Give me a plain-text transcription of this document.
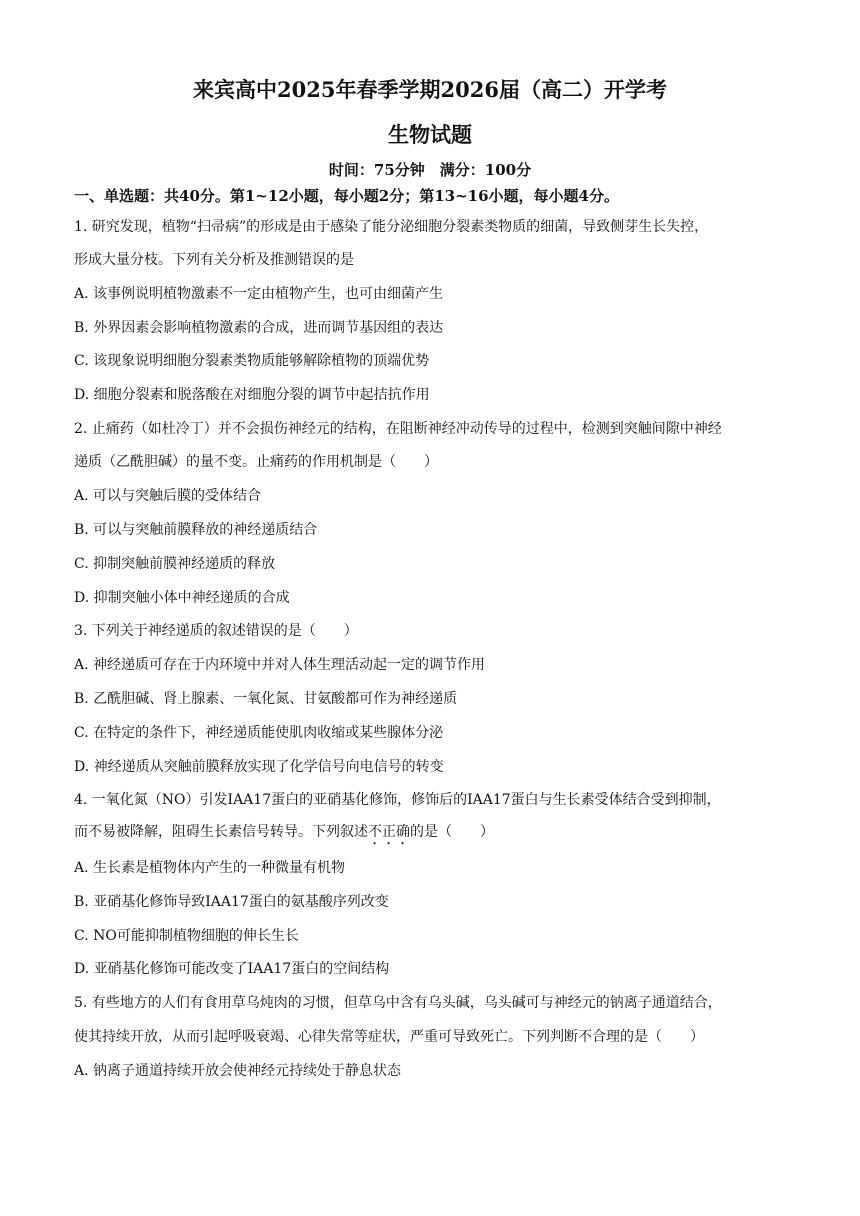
来宾高中2025年春季学期2026届（高二）开学考
生物试题
时间：75分钟　满分：100分
一、单选题：共40分。第1~12小题，每小题2分；第13~16小题，每小题4分。
1. 研究发现，植物“扫帚病”的形成是由于感染了能分泌细胞分裂素类物质的细菌，导致侧芽生长失控，
形成大量分枝。下列有关分析及推测错误的是
A. 该事例说明植物激素不一定由植物产生，也可由细菌产生
B. 外界因素会影响植物激素的合成，进而调节基因组的表达
C. 该现象说明细胞分裂素类物质能够解除植物的顶端优势
D. 细胞分裂素和脱落酸在对细胞分裂的调节中起拮抗作用
2. 止痛药（如杜冷丁）并不会损伤神经元的结构，在阻断神经冲动传导的过程中，检测到突触间隙中神经
递质（乙酰胆碱）的量不变。止痛药的作用机制是（　　）
A. 可以与突触后膜的受体结合
B. 可以与突触前膜释放的神经递质结合
C. 抑制突触前膜神经递质的释放
D. 抑制突触小体中神经递质的合成
3. 下列关于神经递质的叙述错误的是（　　）
A. 神经递质可存在于内环境中并对人体生理活动起一定的调节作用
B. 乙酰胆碱、肾上腺素、一氧化氮、甘氨酸都可作为神经递质
C. 在特定的条件下，神经递质能使肌肉收缩或某些腺体分泌
D. 神经递质从突触前膜释放实现了化学信号向电信号的转变
4. 一氧化氮（NO）引发IAA17蛋白的亚硝基化修饰，修饰后的IAA17蛋白与生长素受体结合受到抑制，
而不易被降解，阻碍生长素信号转导。下列叙述不正确的是（　　）
A. 生长素是植物体内产生的一种微量有机物
B. 亚硝基化修饰导致IAA17蛋白的氨基酸序列改变
C. NO可能抑制植物细胞的伸长生长
D. 亚硝基化修饰可能改变了IAA17蛋白的空间结构
5. 有些地方的人们有食用草乌炖肉的习惯，但草乌中含有乌头碱，乌头碱可与神经元的钠离子通道结合，
使其持续开放，从而引起呼吸衰竭、心律失常等症状，严重可导致死亡。下列判断不合理的是（　　）
A. 钠离子通道持续开放会使神经元持续处于静息状态
